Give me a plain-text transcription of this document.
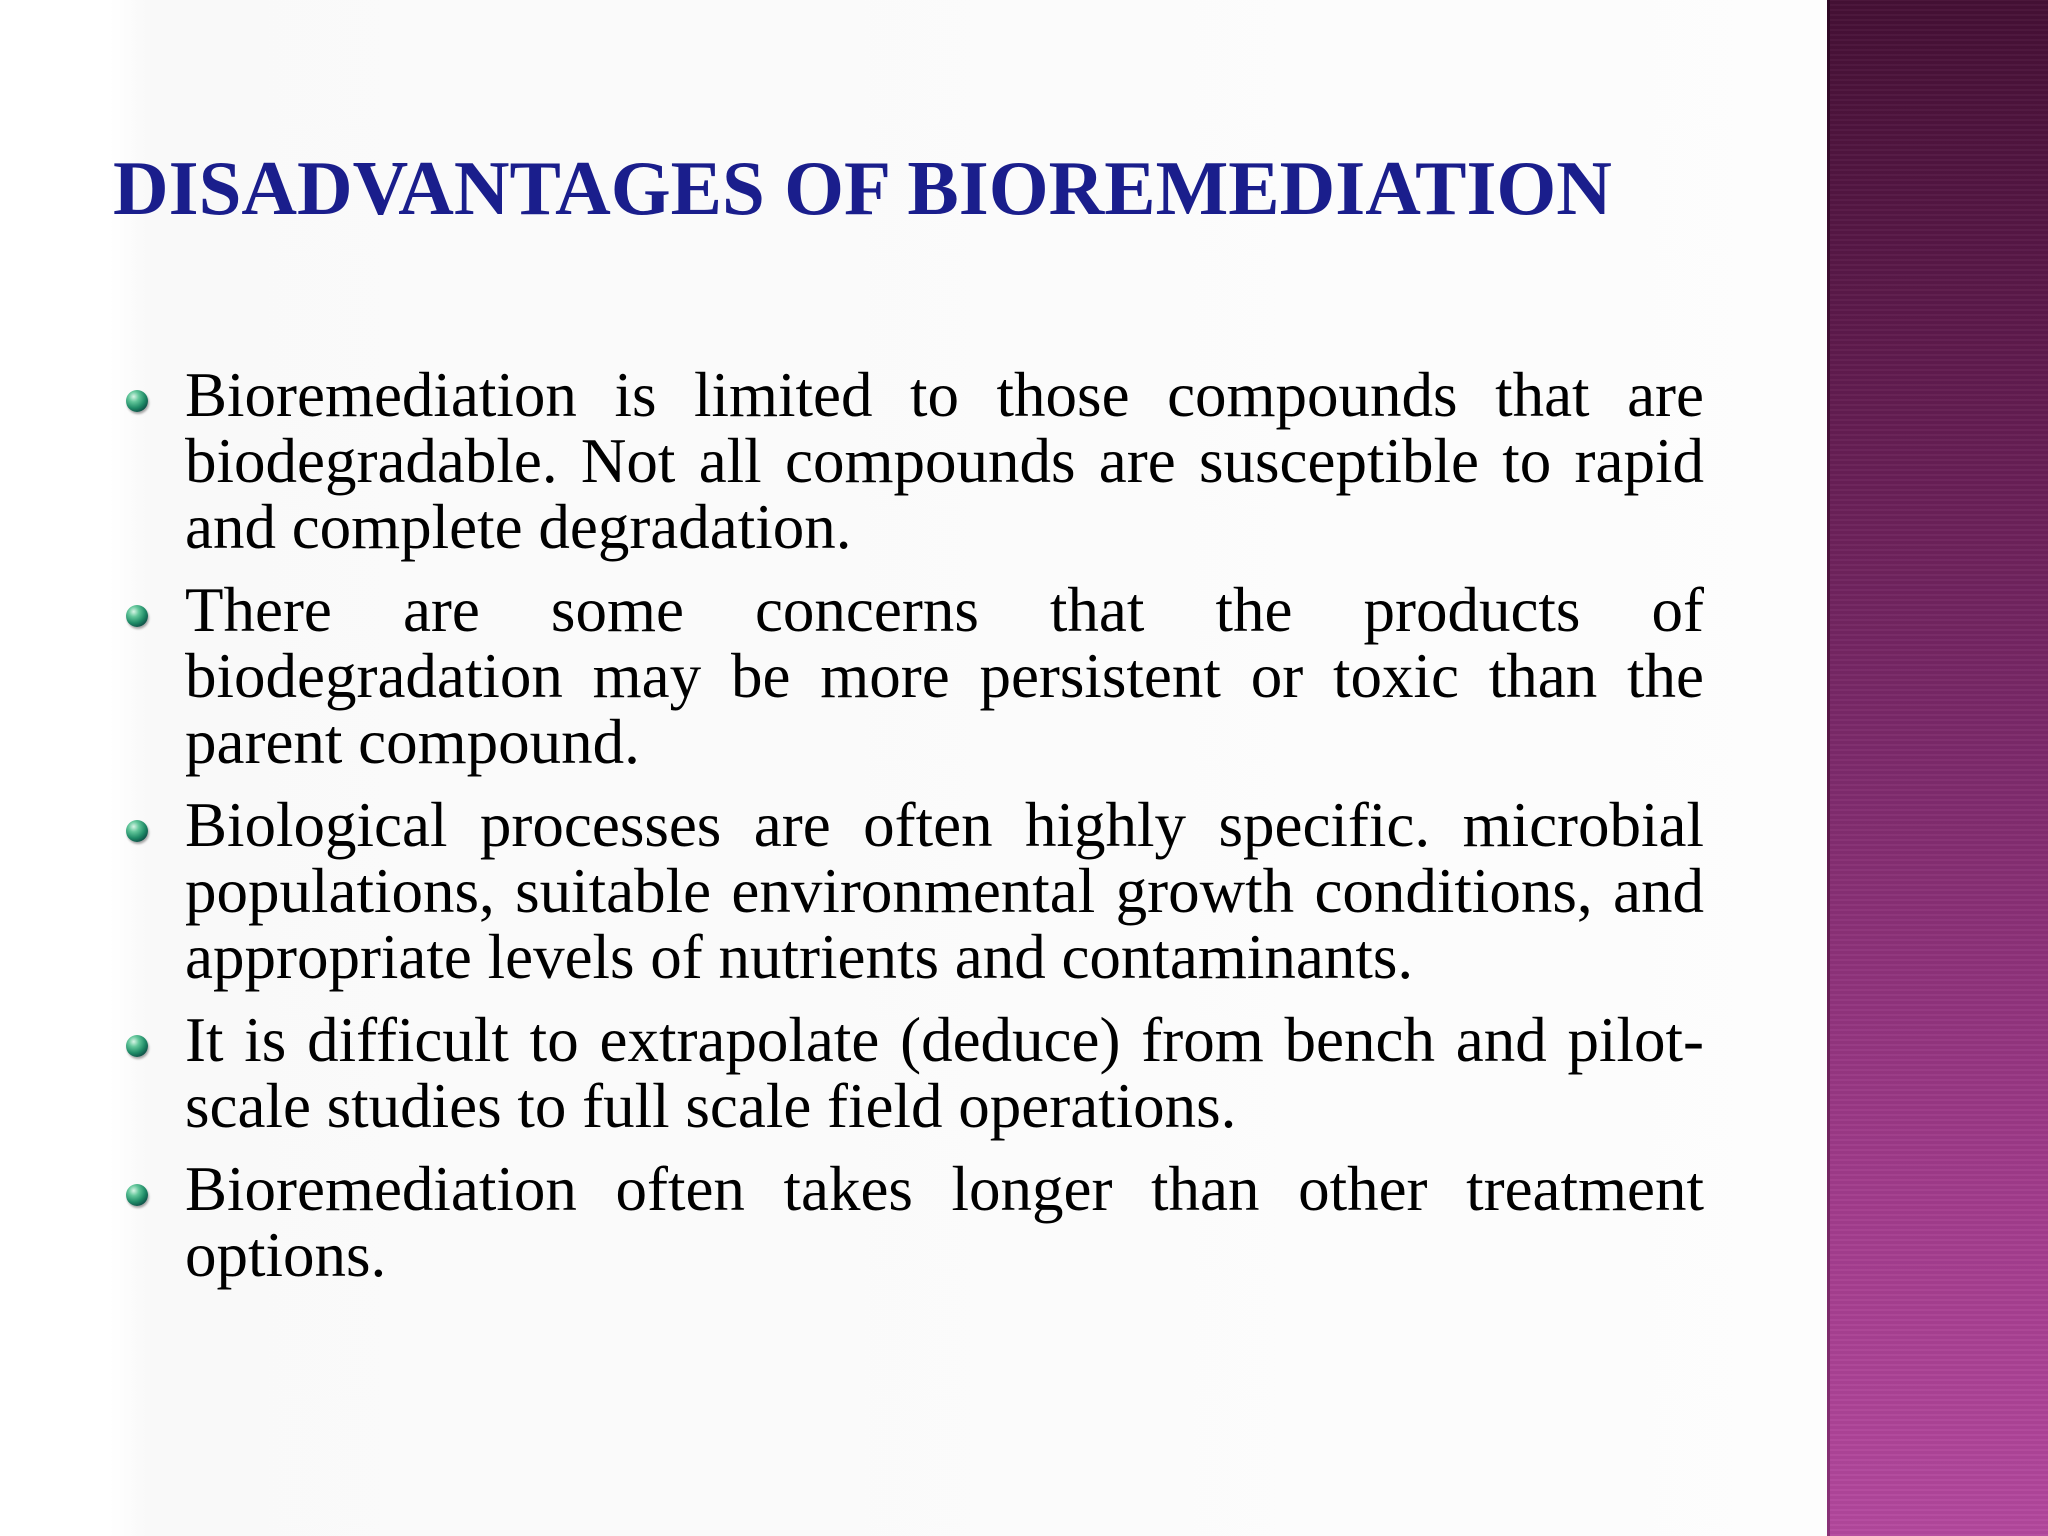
DISADVANTAGES OF BIOREMEDIATION
Bioremediation is limited to those compounds that are biodegradable. Not all compounds are susceptible to rapid and complete degradation.
There are some concerns that the products of biodegradation may be more persistent or toxic than the parent compound.
Biological processes are often highly specific. microbial populations, suitable environmental growth conditions, and appropriate levels of nutrients and contaminants.
It is difficult to extrapolate (deduce) from bench and pilot-scale studies to full scale field operations.
Bioremediation often takes longer than other treatment options.
